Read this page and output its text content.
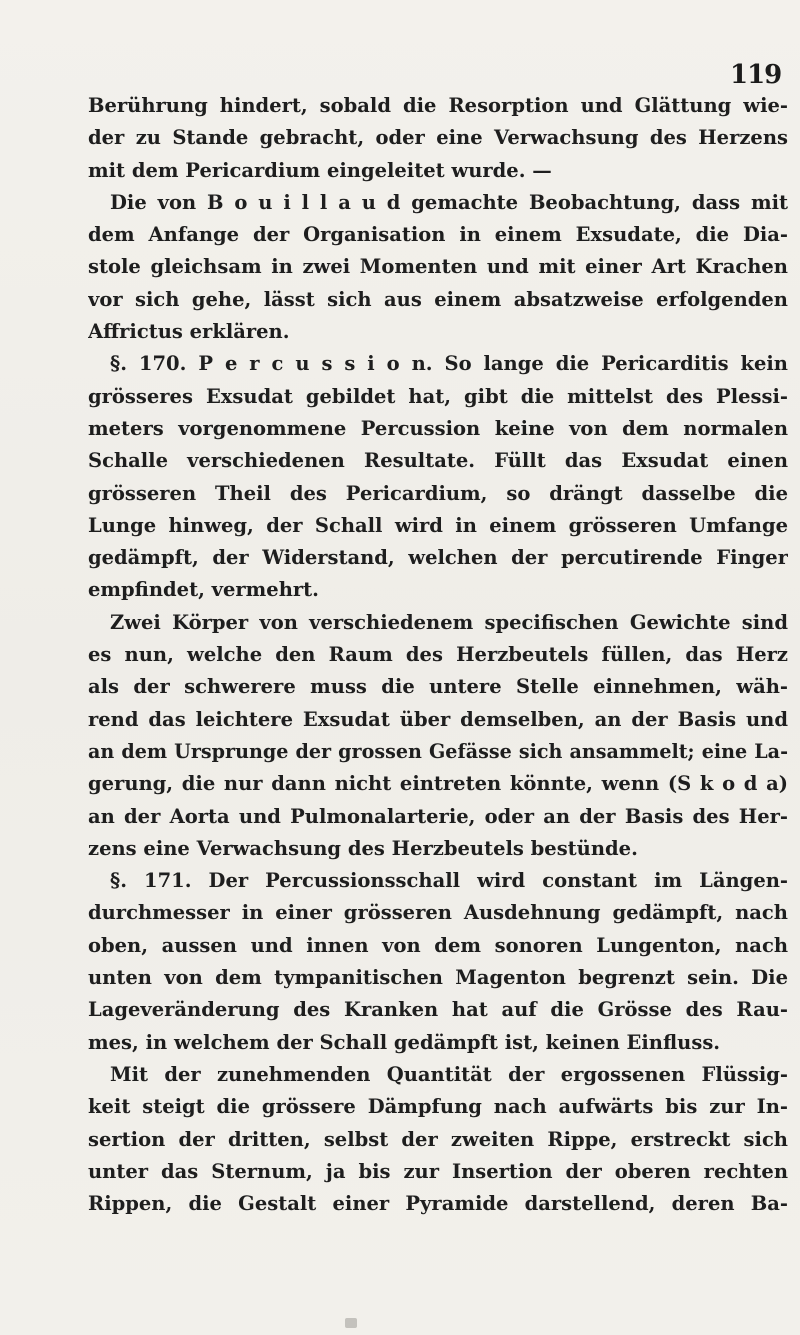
119
Berührung hindert, sobald die Resorption und Glättung wie-
der zu Stande gebracht, oder eine Verwachsung des Herzens
mit dem Pericardium eingeleitet wurde. —
Die von B o u i l l a u d gemachte Beobachtung, dass mit
dem Anfange der Organisation in einem Exsudate, die Dia-
stole gleichsam in zwei Momenten und mit einer Art Krachen
vor sich gehe, lässt sich aus einem absatzweise erfolgenden
Affrictus erklären.
§. 170. P e r c u s s i o n. So lange die Pericarditis kein
grösseres Exsudat gebildet hat, gibt die mittelst des Plessi-
meters vorgenommene Percussion keine von dem normalen
Schalle verschiedenen Resultate. Füllt das Exsudat einen
grösseren Theil des Pericardium, so drängt dasselbe die
Lunge hinweg, der Schall wird in einem grösseren Umfange
gedämpft, der Widerstand, welchen der percutirende Finger
empfindet, vermehrt.
Zwei Körper von verschiedenem specifischen Gewichte sind
es nun, welche den Raum des Herzbeutels füllen, das Herz
als der schwerere muss die untere Stelle einnehmen, wäh-
rend das leichtere Exsudat über demselben, an der Basis und
an dem Ursprunge der grossen Gefässe sich ansammelt; eine La-
gerung, die nur dann nicht eintreten könnte, wenn (S k o d a)
an der Aorta und Pulmonalarterie, oder an der Basis des Her-
zens eine Verwachsung des Herzbeutels bestünde.
§. 171. Der Percussionsschall wird constant im Längen-
durchmesser in einer grösseren Ausdehnung gedämpft, nach
oben, aussen und innen von dem sonoren Lungenton, nach
unten von dem tympanitischen Magenton begrenzt sein. Die
Lageveränderung des Kranken hat auf die Grösse des Rau-
mes, in welchem der Schall gedämpft ist, keinen Einfluss.
Mit der zunehmenden Quantität der ergossenen Flüssig-
keit steigt die grössere Dämpfung nach aufwärts bis zur In-
sertion der dritten, selbst der zweiten Rippe, erstreckt sich
unter das Sternum, ja bis zur Insertion der oberen rechten
Rippen, die Gestalt einer Pyramide darstellend, deren Ba-
